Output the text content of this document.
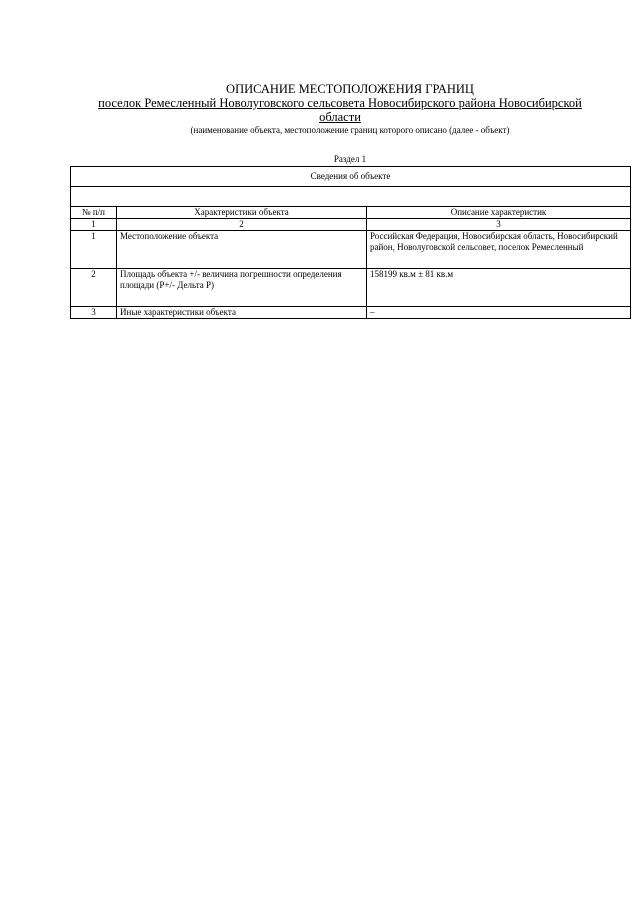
ОПИСАНИЕ МЕСТОПОЛОЖЕНИЯ ГРАНИЦ
поселок Ремесленный Новолуговского сельсовета Новосибирского района Новосибирской области
(наименование объекта, местоположение границ которого описано (далее - объект)
Раздел 1
Сведения об объекте		

№ п/п	Характеристики объекта	Описание характеристик
1	2	3
1	Местоположение объекта	Российская Федерация, Новосибирская область, Новосибирский район, Новолуговской сельсовет, поселок Ремесленный
2	Площадь объекта +/- величина погрешности определения площади (Р+/- Дельта Р)	158199 кв.м ± 81 кв.м
3	Иные характеристики объекта	–
